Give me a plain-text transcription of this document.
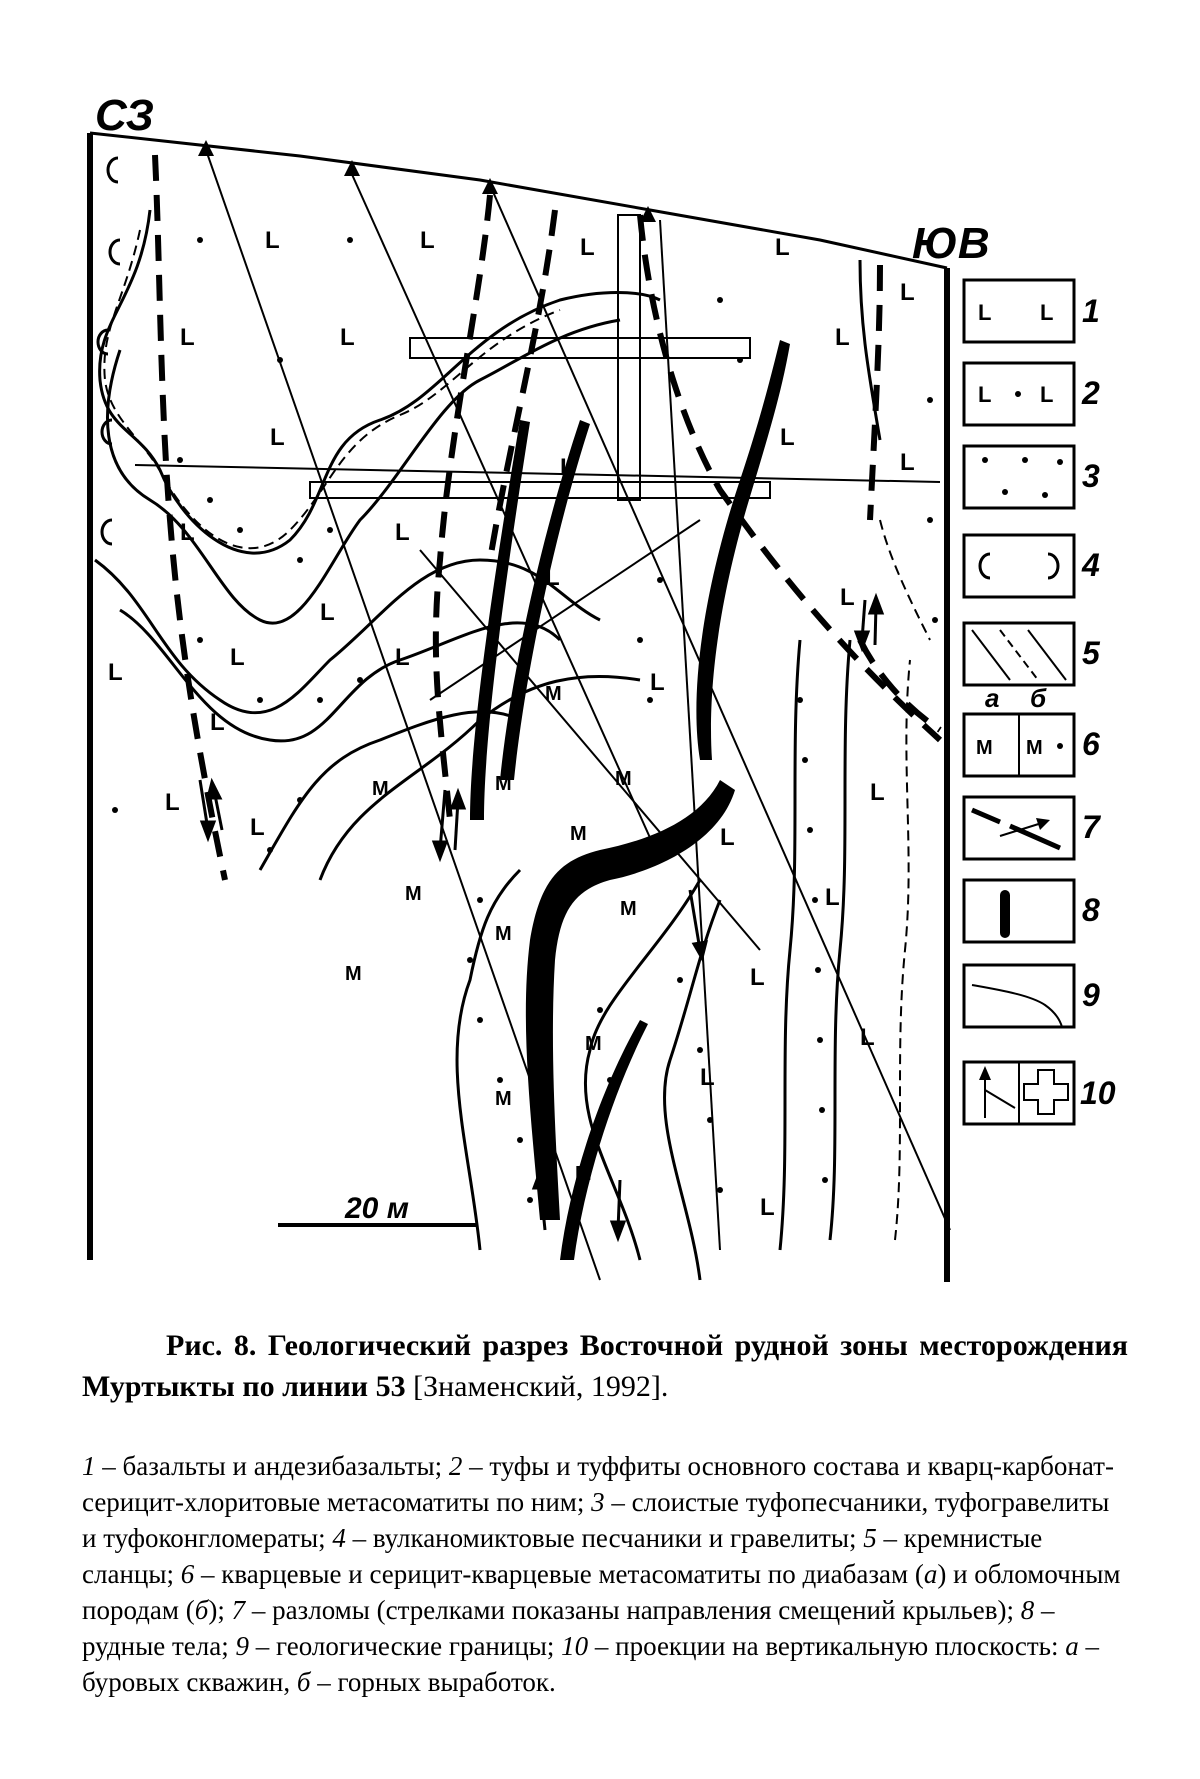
СЗ
ЮВ
L	L
L	L
L
L	L
L
L
L
L
L
L
L
L
L
L	L
L
L
L
L
L
L
L
L
L
L
L
L
L
M
M	M	M
M
M
M
M
M
M
M
M
20 м
L L 1
L L 2
3
4
5
а б
M M 6
7
8
9
10
Рис. 8. Геологический разрез Восточной рудной зоны месторождения Муртыкты по линии 53 [Знаменский, 1992].
1 – базальты и андезибазальты; 2 – туфы и туффиты основного состава и кварц-карбонат-серицит-хлоритовые метасоматиты по ним; 3 – слоистые туфопесчаники, туфогравелиты и туфоконгломераты; 4 – вулканомиктовые песчаники и гравелиты; 5 – кремнистые сланцы; 6 – кварцевые и серицит-кварцевые метасоматиты по диабазам (а) и обломочным породам (б); 7 – разломы (стрелками показаны направления смещений крыльев); 8 – рудные тела; 9 – геологические границы; 10 – проекции на вертикальную плоскость: а – буровых скважин, б – горных выработок.
